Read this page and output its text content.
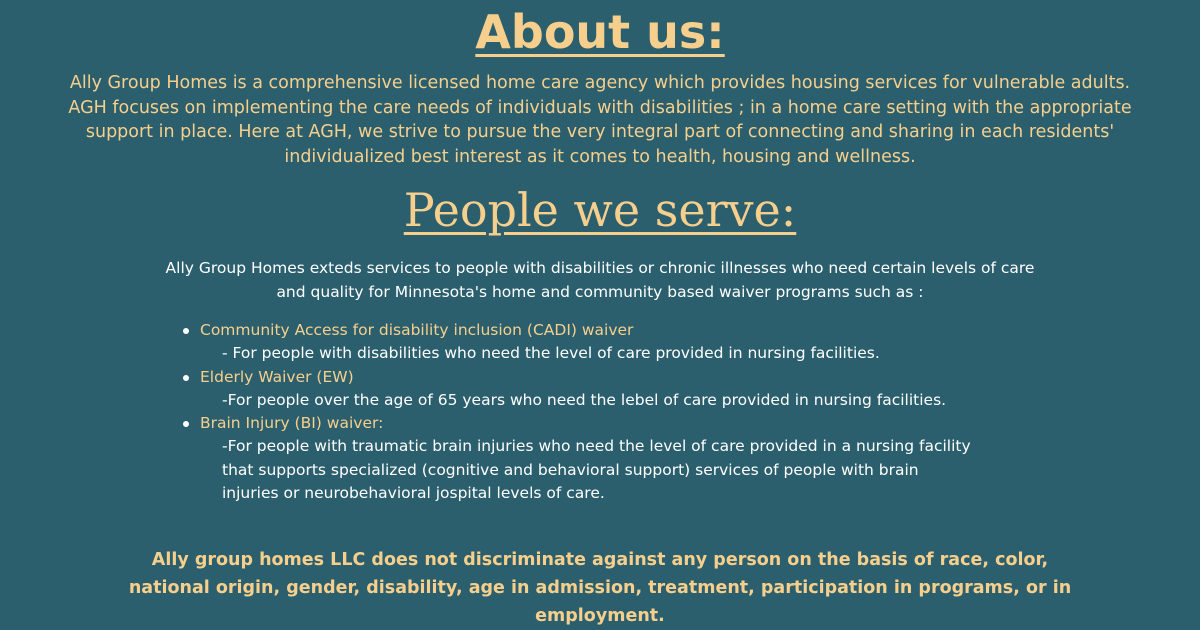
About us:
Ally Group Homes is a comprehensive licensed home care agency which provides housing services for vulnerable adults. AGH focuses on implementing the care needs of individuals with disabilities ; in a home care setting with the appropriate support in place. Here at AGH, we strive to pursue the very integral part of connecting and sharing in each residents' individualized best interest as it comes to health, housing and wellness.
People we serve:
Ally Group Homes exteds services to people with disabilities or chronic illnesses who need certain levels of care and quality for Minnesota's home and community based waiver programs such as :
Community Access for disability inclusion (CADI) waiver
- For people with disabilities who need the level of care provided in nursing facilities.
Elderly Waiver (EW)
-For people over the age of 65 years who need the lebel of care provided in nursing facilities.
Brain Injury (BI) waiver:
-For people with traumatic brain injuries who need the level of care provided in a nursing facility that supports specialized (cognitive and behavioral support) services of people with brain injuries or neurobehavioral jospital levels of care.
Ally group homes LLC does not discriminate against any person on the basis of race, color, national origin, gender, disability, age in admission, treatment, participation in programs, or in employment.
